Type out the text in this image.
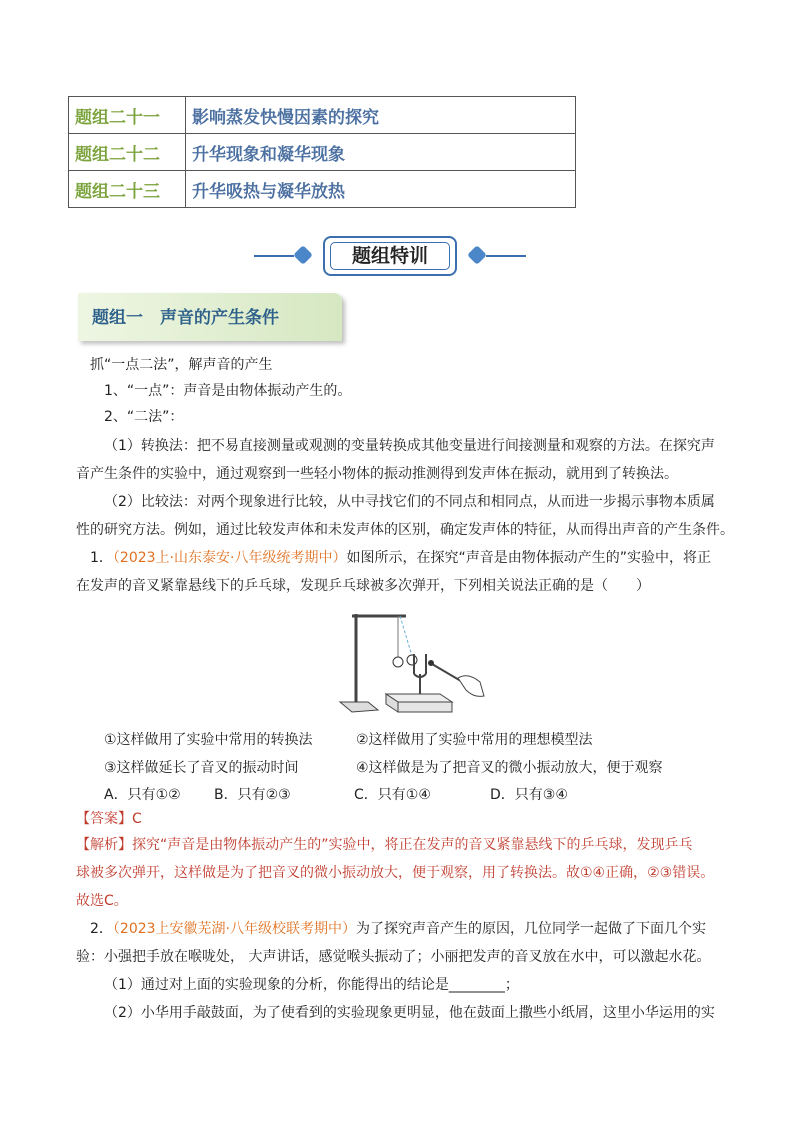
题组二十一	影响蒸发快慢因素的探究
题组二十二	升华现象和凝华现象
题组二十三	升华吸热与凝华放热
题组特训
题组一　声音的产生条件
抓“一点二法”，解声音的产生
1、“一点”：声音是由物体振动产生的。
2、“二法”：
（1）转换法：把不易直接测量或观测的变量转换成其他变量进行间接测量和观察的方法。在探究声
音产生条件的实验中，通过观察到一些轻小物体的振动推测得到发声体在振动，就用到了转换法。
（2）比较法：对两个现象进行比较，从中寻找它们的不同点和相同点，从而进一步揭示事物本质属
性的研究方法。例如，通过比较发声体和未发声体的区别，确定发声体的特征，从而得出声音的产生条件。
1．（2023上·山东泰安·八年级统考期中）如图所示，在探究“声音是由物体振动产生的”实验中，将正
在发声的音叉紧靠悬线下的乒乓球，发现乒乓球被多次弹开，下列相关说法正确的是（　　）
①这样做用了实验中常用的转换法	②这样做用了实验中常用的理想模型法
③这样做延长了音叉的振动时间	④这样做是为了把音叉的微小振动放大，便于观察
A．只有①② B．只有②③	C．只有①④	D．只有③④
【答案】C
【解析】探究“声音是由物体振动产生的”实验中，将正在发声的音叉紧靠悬线下的乒乓球，发现乒乓
球被多次弹开，这样做是为了把音叉的微小振动放大，便于观察，用了转换法。故①④正确，②③错误。
故选C。
2．（2023上安徽芜湖·八年级校联考期中）为了探究声音产生的原因，几位同学一起做了下面几个实
验：小强把手放在喉咙处， 大声讲话，感觉喉头振动了；小丽把发声的音叉放在水中，可以激起水花。
（1）通过对上面的实验现象的分析，你能得出的结论是________；
（2）小华用手敲鼓面，为了使看到的实验现象更明显，他在鼓面上撒些小纸屑，这里小华运用的实
